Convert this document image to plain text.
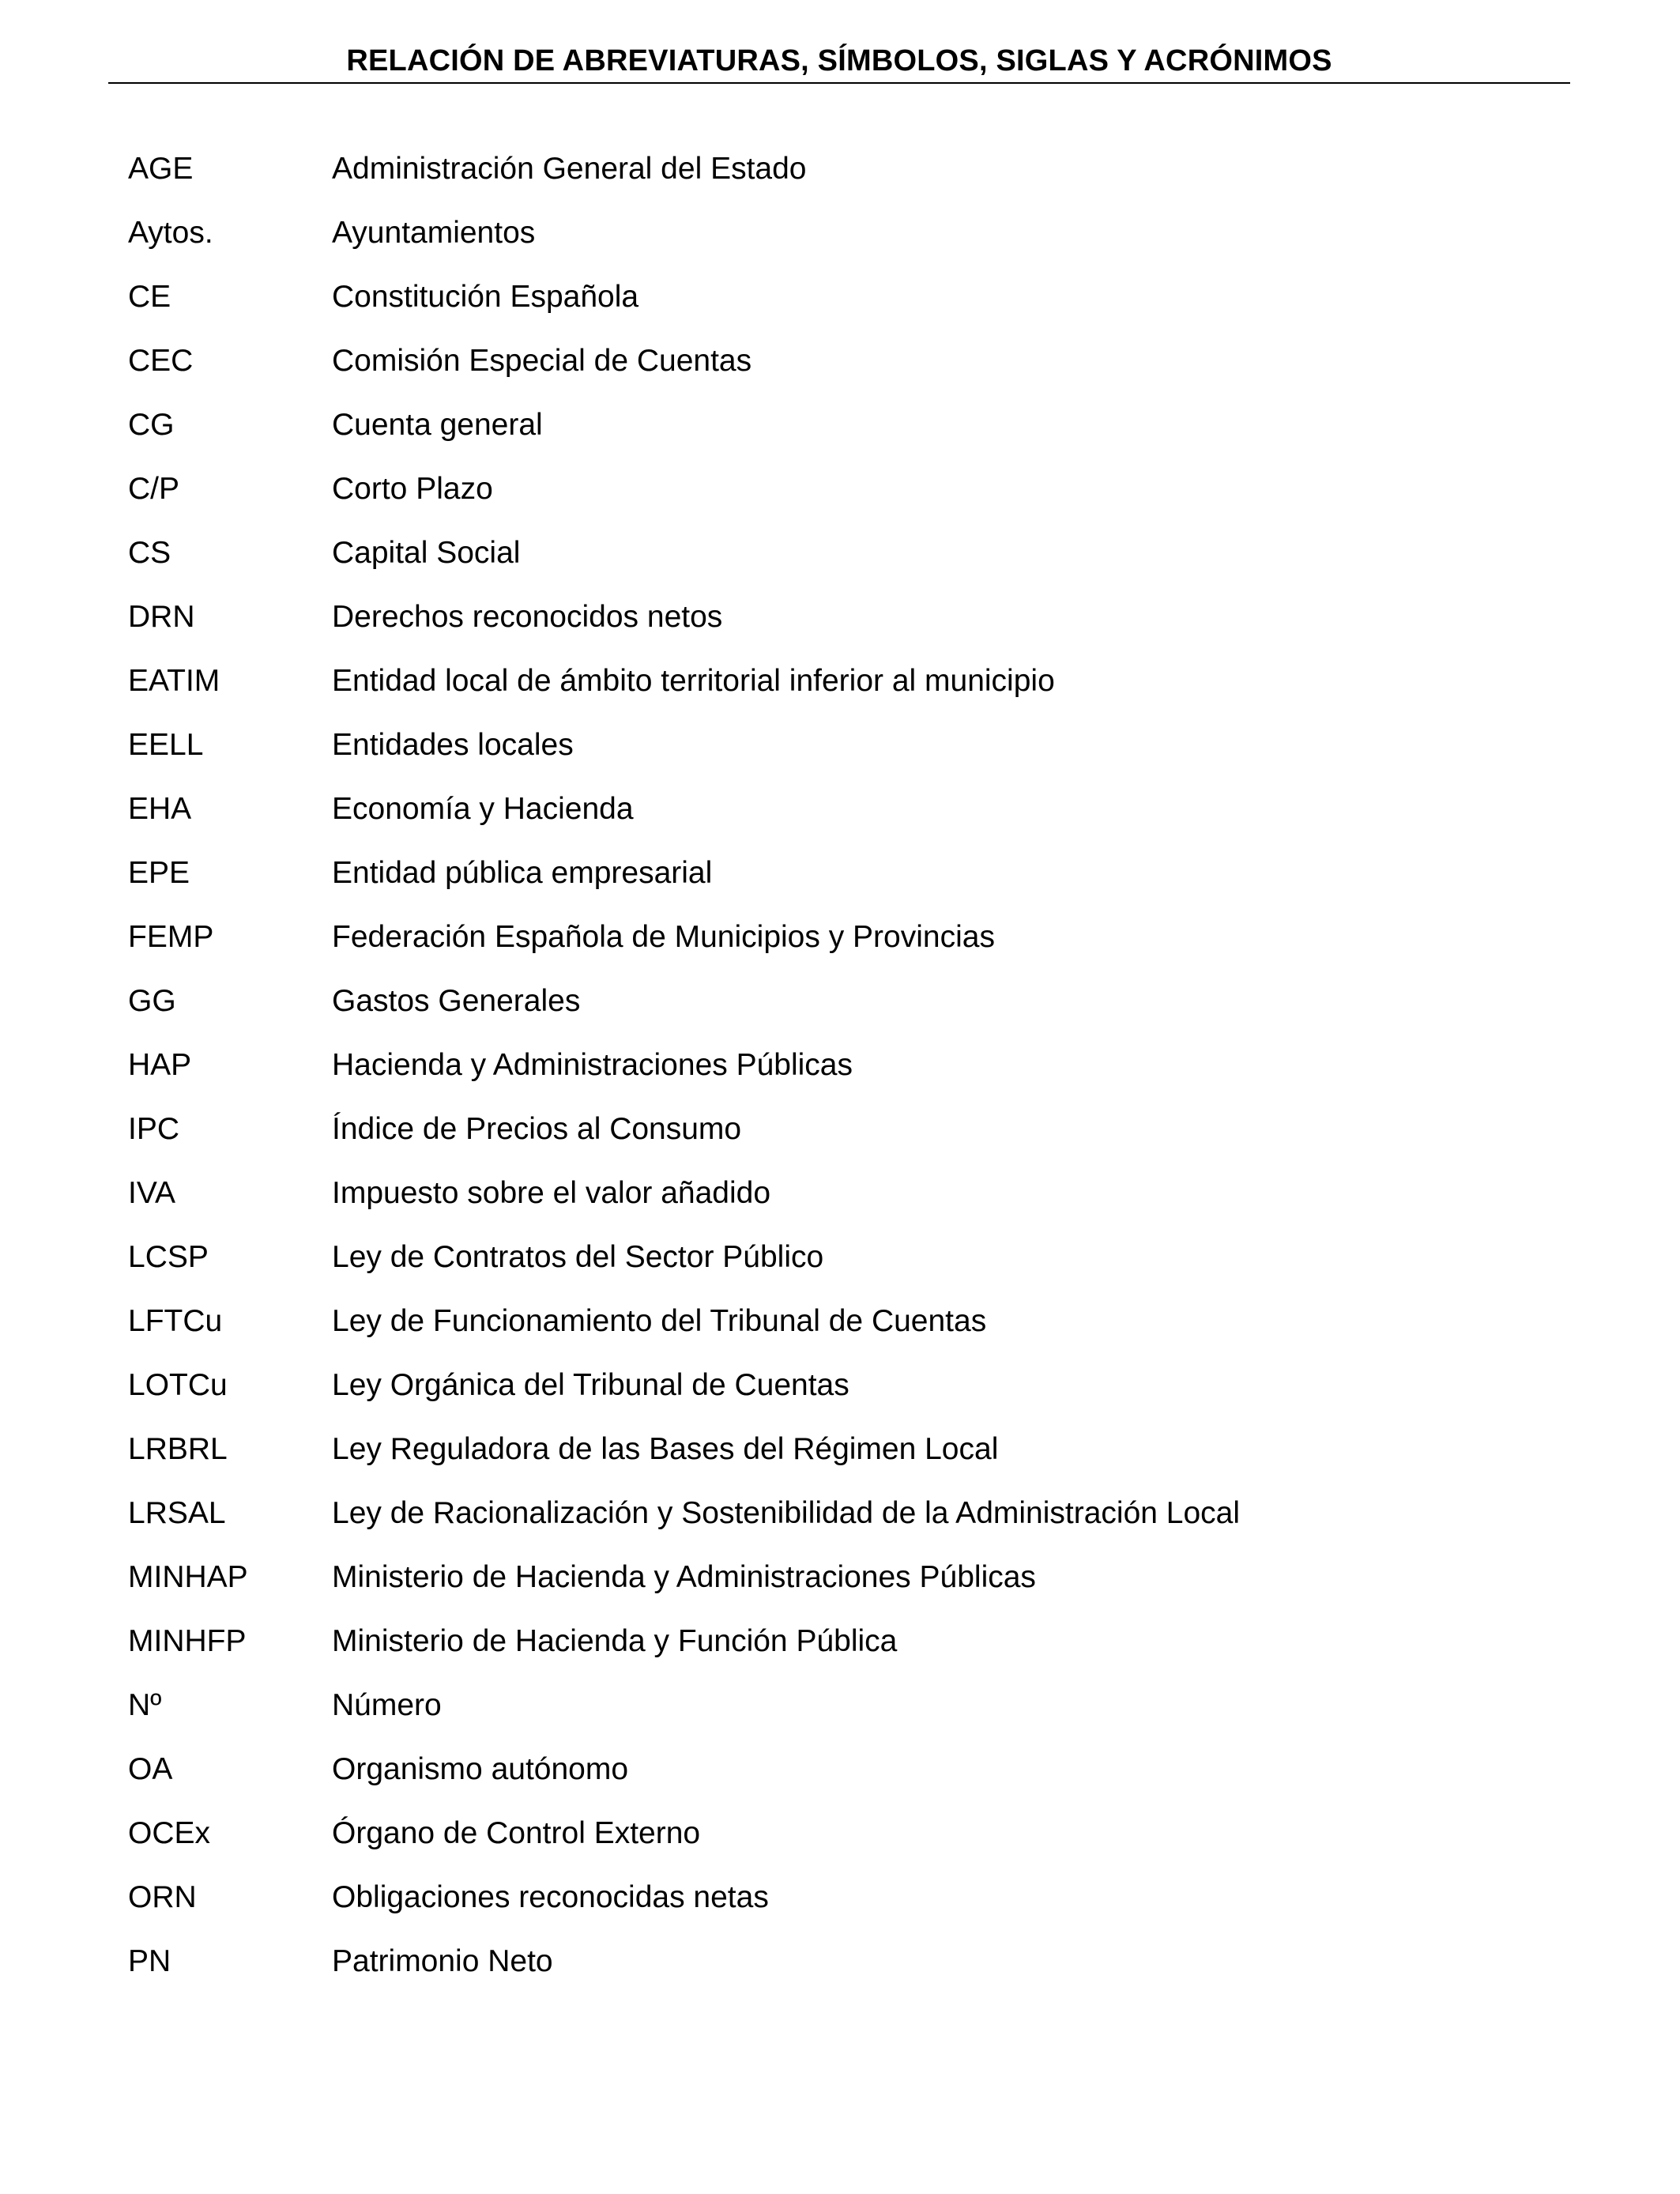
RELACIÓN DE ABREVIATURAS, SÍMBOLOS, SIGLAS Y ACRÓNIMOS
AGE	Administración General del Estado
Aytos.	Ayuntamientos
CE	Constitución Española
CEC	Comisión Especial de Cuentas
CG	Cuenta general
C/P	Corto Plazo
CS	Capital Social
DRN	Derechos reconocidos netos
EATIM	Entidad local de ámbito territorial inferior al municipio
EELL	Entidades locales
EHA	Economía y Hacienda
EPE	Entidad pública empresarial
FEMP	Federación Española de Municipios y Provincias
GG	Gastos Generales
HAP	Hacienda y Administraciones Públicas
IPC	Índice de Precios al Consumo
IVA	Impuesto sobre el valor añadido
LCSP	Ley de Contratos del Sector Público
LFTCu	Ley de Funcionamiento del Tribunal de Cuentas
LOTCu	Ley Orgánica del Tribunal de Cuentas
LRBRL	Ley Reguladora de las Bases del Régimen Local
LRSAL	Ley de Racionalización y Sostenibilidad de la Administración Local
MINHAP	Ministerio de Hacienda y Administraciones Públicas
MINHFP	Ministerio de Hacienda y Función Pública
Nº	Número
OA	Organismo autónomo
OCEx	Órgano de Control Externo
ORN	Obligaciones reconocidas netas
PN	Patrimonio Neto
